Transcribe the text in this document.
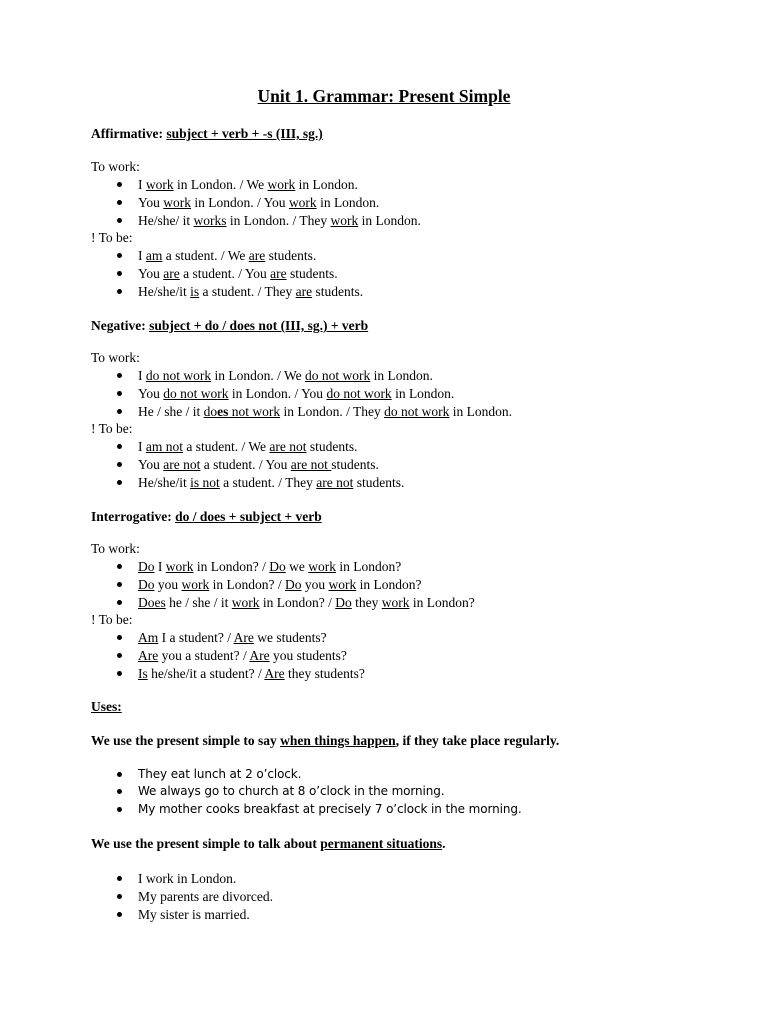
Unit 1. Grammar: Present Simple
Affirmative: subject + verb + -s (III, sg.)
To work:
I work in London. / We work in London.
You work in London. / You work in London.
He/she/ it works in London. / They work in London.
! To be:
I am a student. / We are students.
You are a student. / You are students.
He/she/it is a student. / They are students.
Negative: subject + do / does not (III, sg.) + verb
To work:
I do not work in London. / We do not work in London.
You do not work in London. / You do not work in London.
He / she / it does not work in London. / They do not work in London.
! To be:
I am not a student. / We are not students.
You are not a student. / You are not students.
He/she/it is not a student. / They are not students.
Interrogative: do / does + subject + verb
To work:
Do I work in London? / Do we work in London?
Do you work in London? / Do you work in London?
Does he / she / it work in London? / Do they work in London?
! To be:
Am I a student? / Are we students?
Are you a student? / Are you students?
Is he/she/it a student? / Are they students?
Uses:
We use the present simple to say when things happen, if they take place regularly.
They eat lunch at 2 o’clock.
We always go to church at 8 o’clock in the morning.
My mother cooks breakfast at precisely 7 o’clock in the morning.
We use the present simple to talk about permanent situations.
I work in London.
My parents are divorced.
My sister is married.
